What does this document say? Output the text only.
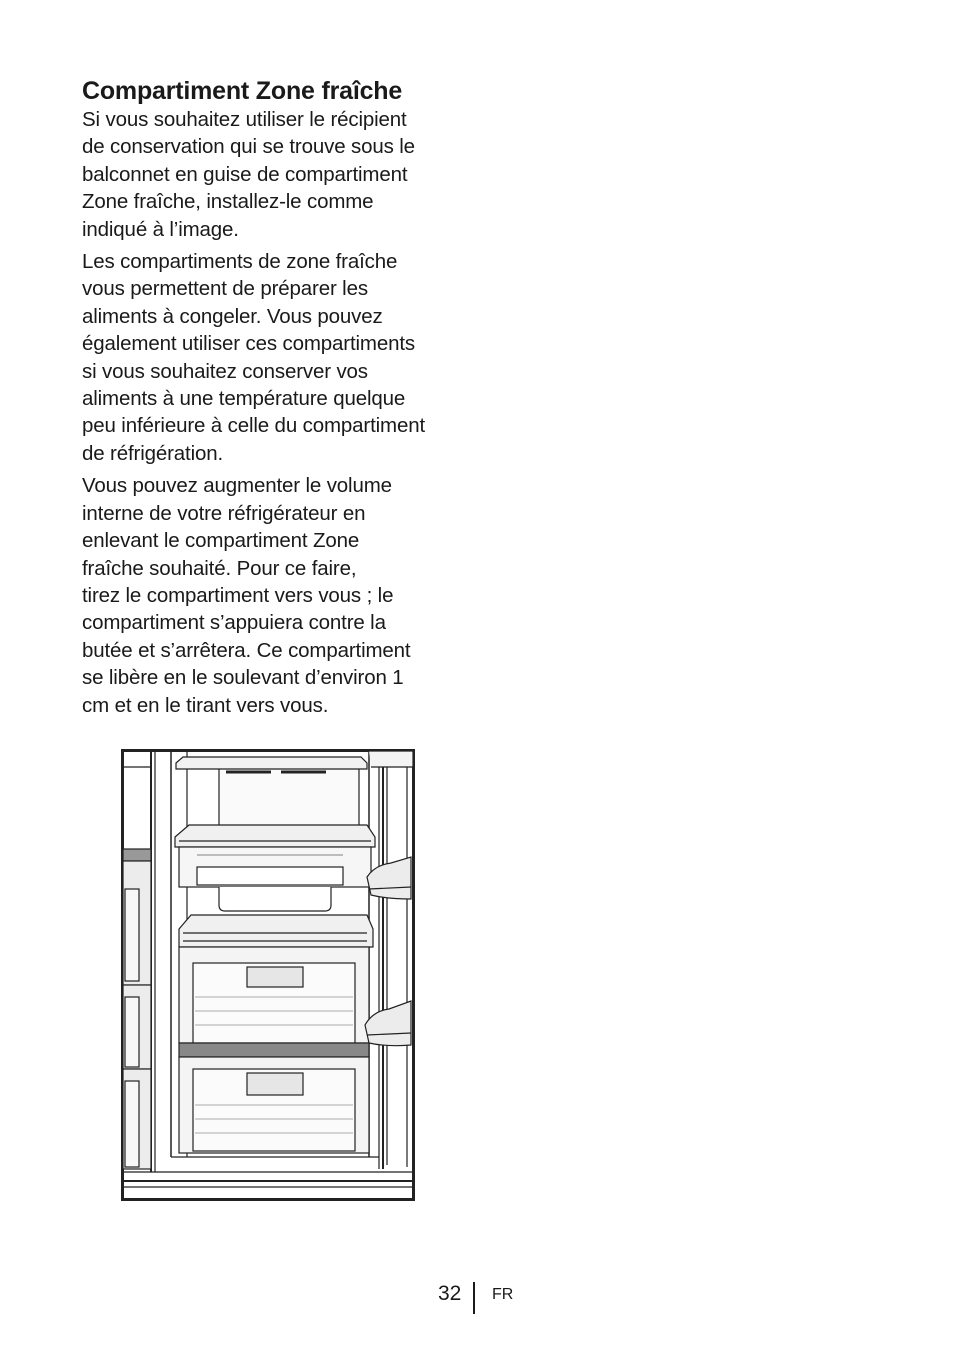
Compartiment Zone fraîche

Si vous souhaitez utiliser le récipient
de conservation qui se trouve sous le
balconnet en guise de compartiment
Zone fraîche, installez-le comme
indiqué à l’image.

Les compartiments de zone fraîche
vous permettent de préparer les
aliments à congeler. Vous pouvez
également utiliser ces compartiments
si vous souhaitez conserver vos
aliments à une température quelque
peu inférieure à celle du compartiment
de réfrigération.

Vous pouvez augmenter le volume
interne de votre réfrigérateur en
enlevant le compartiment Zone
fraîche souhaité. Pour ce faire,
tirez le compartiment vers vous ; le
compartiment s’appuiera contre la
butée et s’arrêtera. Ce compartiment
se libère en le soulevant d’environ 1
cm et en le tirant vers vous.

32 FR
